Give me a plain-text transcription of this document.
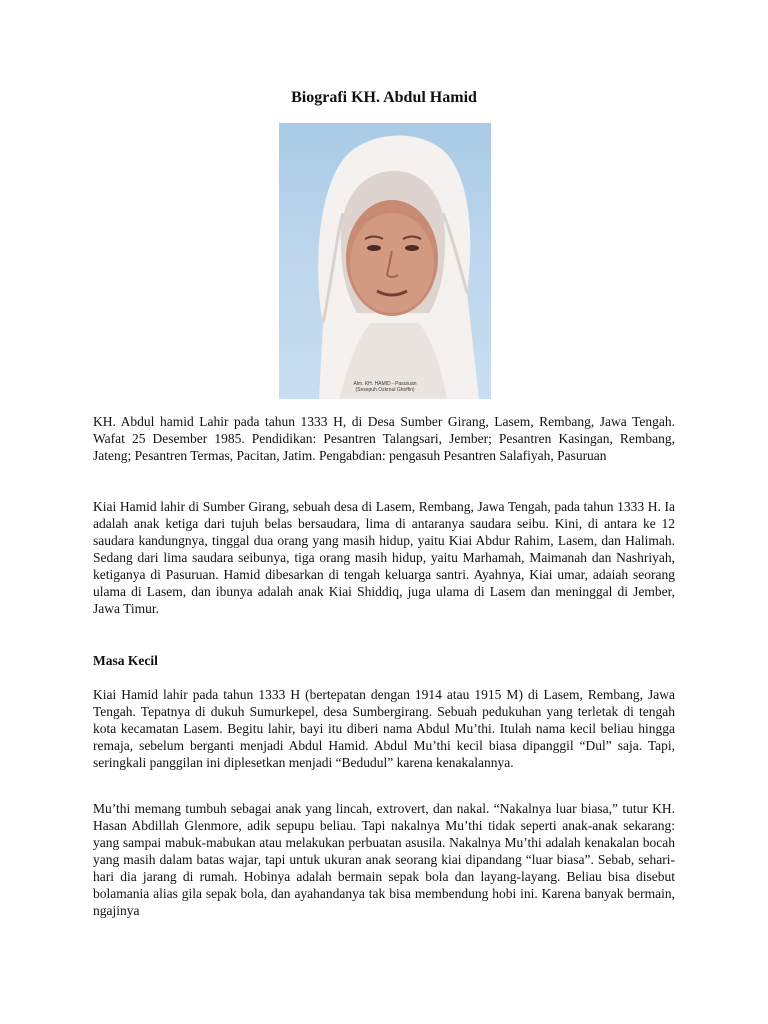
Biografi KH. Abdul Hamid
Alm. KH. HAMID - Pasuruan
(Sesepuh Ozkroul Ghoffin)

KH. Abdul hamid Lahir pada tahun 1333 H, di Desa Sumber Girang, Lasem, Rembang, Jawa Tengah. Wafat 25 Desember 1985. Pendidikan: Pesantren Talangsari, Jember; Pesantren Kasingan, Rembang, Jateng; Pesantren Termas, Pacitan, Jatim. Pengabdian: pengasuh Pesantren Salafiyah, Pasuruan

Kiai Hamid lahir di Sumber Girang, sebuah desa di Lasem, Rembang, Jawa Tengah, pada tahun 1333 H. Ia adalah anak ketiga dari tujuh belas bersaudara, lima di antaranya saudara seibu. Kini, di antara ke 12 saudara kandungnya, tinggal dua orang yang masih hidup, yaitu Kiai Abdur Rahim, Lasem, dan Halimah. Sedang dari lima saudara seibunya, tiga orang masih hidup, yaitu Marhamah, Maimanah dan Nashriyah, ketiganya di Pasuruan. Hamid dibesarkan di tengah keluarga santri. Ayahnya, Kiai umar, adaiah seorang ulama di Lasem, dan ibunya adalah anak Kiai Shiddiq, juga ulama di Lasem dan meninggal di Jember, Jawa Timur.

Masa Kecil

Kiai Hamid lahir pada tahun 1333 H (bertepatan dengan 1914 atau 1915 M) di Lasem, Rembang, Jawa Tengah. Tepatnya di dukuh Sumurkepel, desa Sumbergirang. Sebuah pedukuhan yang terletak di tengah kota kecamatan Lasem. Begitu lahir, bayi itu diberi nama Abdul Mu’thi. Itulah nama kecil beliau hingga remaja, sebelum berganti menjadi Abdul Hamid. Abdul Mu’thi kecil biasa dipanggil “Dul” saja. Tapi, seringkali panggilan ini diplesetkan menjadi “Bedudul” karena kenakalannya.

Mu’thi memang tumbuh sebagai anak yang lincah, extrovert, dan nakal. “Nakalnya luar biasa,” tutur KH. Hasan Abdillah Glenmore, adik sepupu beliau. Tapi nakalnya Mu’thi tidak seperti anak-anak sekarang: yang sampai mabuk-mabukan atau melakukan perbuatan asusila. Nakalnya Mu’thi adalah kenakalan bocah yang masih dalam batas wajar, tapi untuk ukuran anak seorang kiai dipandang “luar biasa”. Sebab, sehari-hari dia jarang di rumah. Hobinya adalah bermain sepak bola dan layang-layang. Beliau bisa disebut bolamania alias gila sepak bola, dan ayahandanya tak bisa membendung hobi ini. Karena banyak bermain, ngajinya
